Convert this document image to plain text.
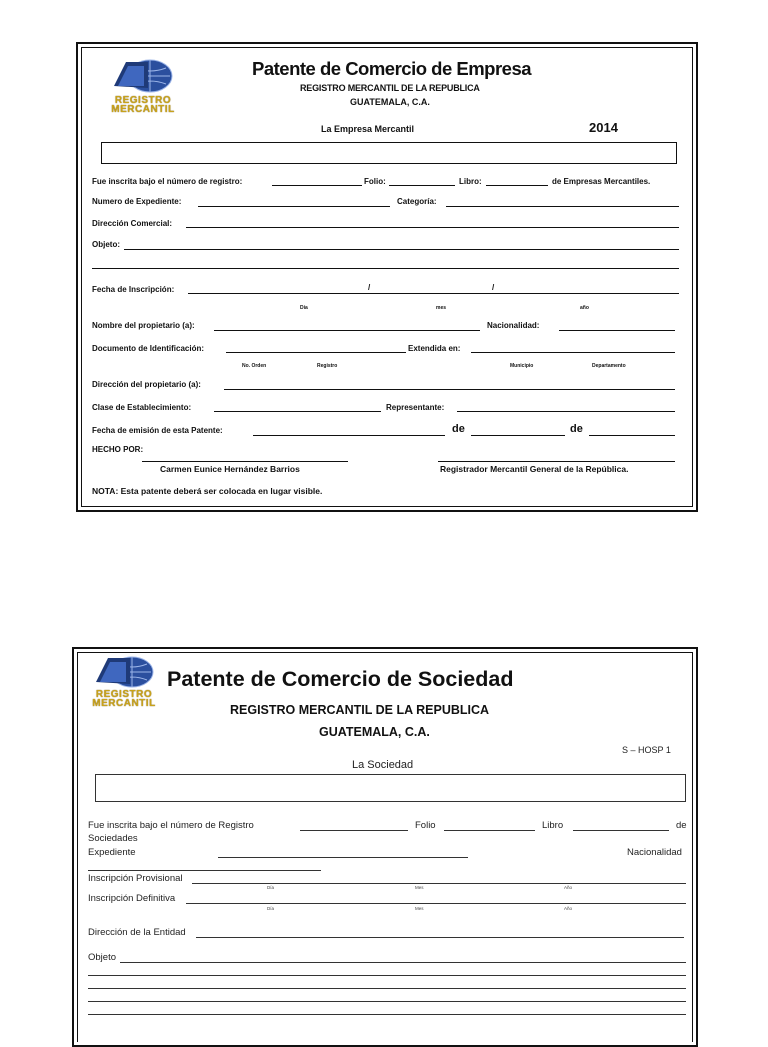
REGISTRO
MERCANTIL
Patente de Comercio de Empresa
REGISTRO MERCANTIL DE LA REPUBLICA
GUATEMALA, C.A.
La Empresa Mercantil	2014
Fue inscrita bajo el número de registro:	Folio:	Libro:	de Empresas Mercantiles.
Numero de Expediente:	Categoría:
Dirección Comercial:
Objeto:
Fecha de Inscripción:	/	/
Día	mes	año
Nombre del propietario (a):	Nacionalidad:
Documento de Identificación:	Extendida en:
No. Orden	Registro	Municipio	Departamento
Dirección del propietario (a):
Clase de Establecimiento:	Representante:
Fecha de emisión de esta Patente:	de	de
HECHO POR:
Carmen Eunice Hernández Barrios	Registrador Mercantil General de la República.
NOTA: Esta patente deberá ser colocada en lugar visible.
REGISTRO
MERCANTIL
Patente de Comercio de Sociedad
REGISTRO MERCANTIL DE LA REPUBLICA
GUATEMALA, C.A.
S – HOSP 1
La Sociedad
Fue inscrita bajo el número de Registro	Folio	Libro	de
Sociedades
Expediente	Nacionalidad
Inscripción Provisional
Día	Mes	Año
Inscripción Definitiva
Día	Mes	Año
Dirección de la Entidad
Objeto
